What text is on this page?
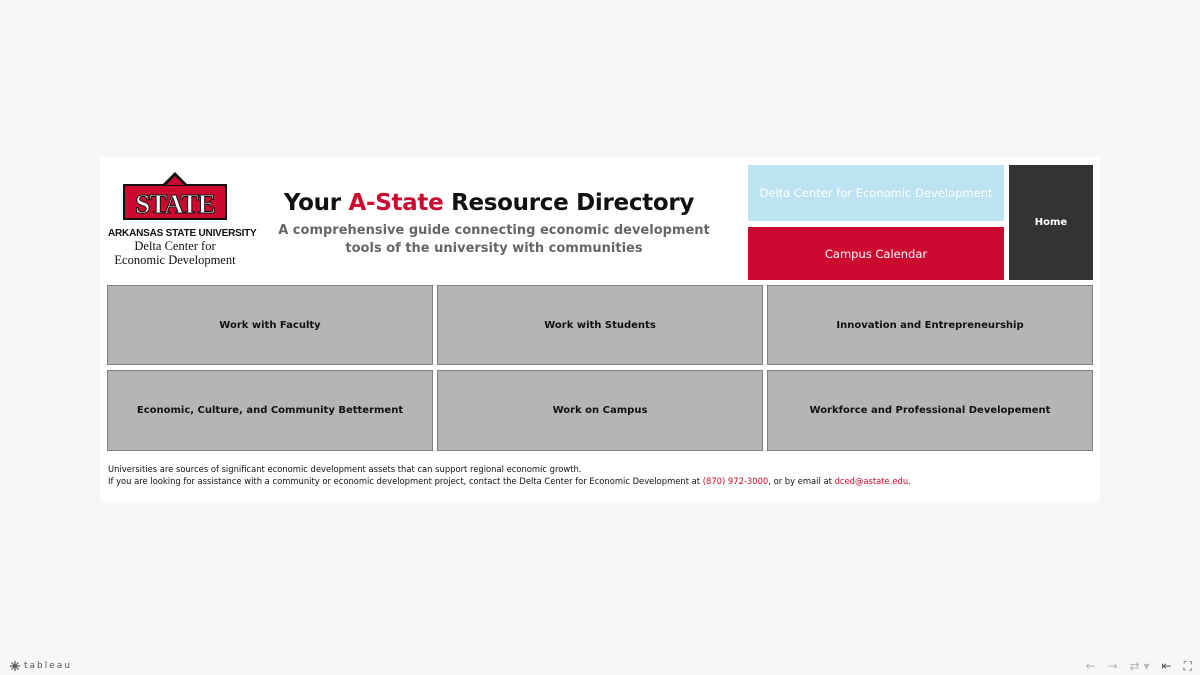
STATE
ARKANSAS STATE UNIVERSITY
Delta Center for
Economic Development
Your A-State Resource Directory
A comprehensive guide connecting economic development tools of the university with communities
Delta Center for Economic Development
Campus Calendar
Home
Work with Faculty	Work with Students	Innovation and Entrepreneurship
Economic, Culture, and Community Betterment	Work on Campus	Workforce and Professional Developement
Universities are sources of significant economic development assets that can support regional economic growth.
If you are looking for assistance with a community or economic development project, contact the Delta Center for Economic Development at (870) 972-3000, or by email at dced@astate.edu.
tableau	← → ⇄ ▾ ⇤ ⛶
